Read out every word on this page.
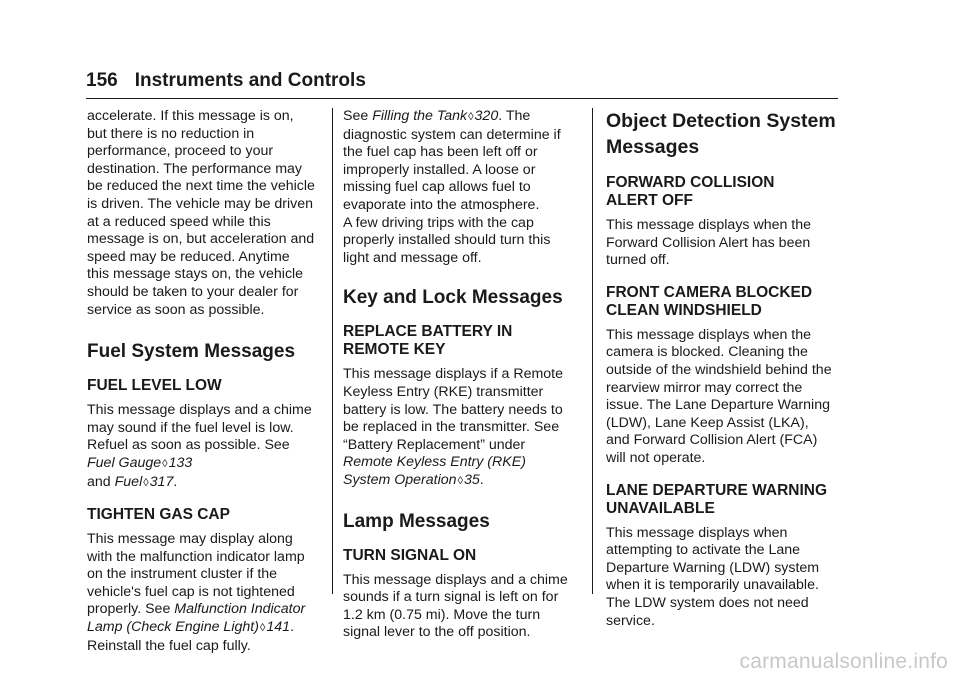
156 Instruments and Controls

accelerate. If this message is on,
but there is no reduction in
performance, proceed to your
destination. The performance may
be reduced the next time the vehicle
is driven. The vehicle may be driven
at a reduced speed while this
message is on, but acceleration and
speed may be reduced. Anytime
this message stays on, the vehicle
should be taken to your dealer for
service as soon as possible.

Fuel System Messages
FUEL LEVEL LOW

This message displays and a chime
may sound if the fuel level is low.
Refuel as soon as possible. See
Fuel Gauge◊133
and Fuel◊317.

TIGHTEN GAS CAP

This message may display along
with the malfunction indicator lamp
on the instrument cluster if the
vehicle's fuel cap is not tightened
properly. See Malfunction Indicator
Lamp (Check Engine Light)◊141.
Reinstall the fuel cap fully.

See Filling the Tank◊320. The
diagnostic system can determine if
the fuel cap has been left off or
improperly installed. A loose or
missing fuel cap allows fuel to
evaporate into the atmosphere.
A few driving trips with the cap
properly installed should turn this
light and message off.

Key and Lock Messages
REPLACE BATTERY IN
REMOTE KEY

This message displays if a Remote
Keyless Entry (RKE) transmitter
battery is low. The battery needs to
be replaced in the transmitter. See
“Battery Replacement” under
Remote Keyless Entry (RKE)
System Operation◊35.

Lamp Messages
TURN SIGNAL ON

This message displays and a chime
sounds if a turn signal is left on for
1.2 km (0.75 mi). Move the turn
signal lever to the off position.

Object Detection System
Messages
FORWARD COLLISION
ALERT OFF

This message displays when the
Forward Collision Alert has been
turned off.

FRONT CAMERA BLOCKED
CLEAN WINDSHIELD

This message displays when the
camera is blocked. Cleaning the
outside of the windshield behind the
rearview mirror may correct the
issue. The Lane Departure Warning
(LDW), Lane Keep Assist (LKA),
and Forward Collision Alert (FCA)
will not operate.

LANE DEPARTURE WARNING
UNAVAILABLE

This message displays when
attempting to activate the Lane
Departure Warning (LDW) system
when it is temporarily unavailable.
The LDW system does not need
service.

carmanualsonline.info
